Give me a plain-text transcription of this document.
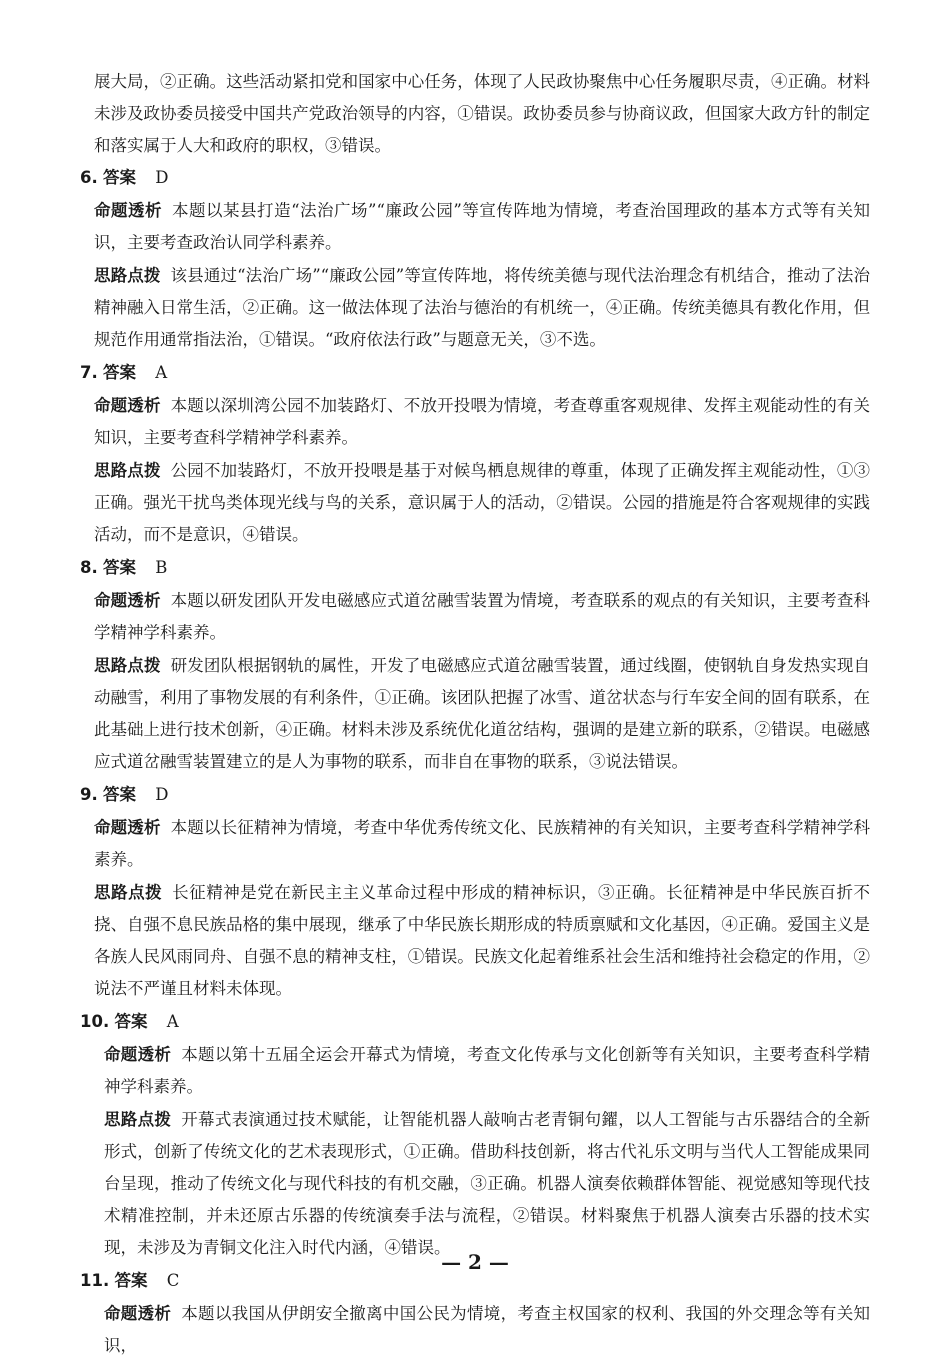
展大局，②正确。这些活动紧扣党和国家中心任务，体现了人民政协聚焦中心任务履职尽责，④正确。材料未涉及政协委员接受中国共产党政治领导的内容，①错误。政协委员参与协商议政，但国家大政方针的制定和落实属于人大和政府的职权，③错误。

6. 答案 D

命题透析 本题以某县打造“法治广场”“廉政公园”等宣传阵地为情境，考查治国理政的基本方式等有关知识，主要考查政治认同学科素养。

思路点拨 该县通过“法治广场”“廉政公园”等宣传阵地，将传统美德与现代法治理念有机结合，推动了法治精神融入日常生活，②正确。这一做法体现了法治与德治的有机统一，④正确。传统美德具有教化作用，但规范作用通常指法治，①错误。“政府依法行政”与题意无关，③不选。

7. 答案 A

命题透析 本题以深圳湾公园不加装路灯、不放开投喂为情境，考查尊重客观规律、发挥主观能动性的有关知识，主要考查科学精神学科素养。

思路点拨 公园不加装路灯，不放开投喂是基于对候鸟栖息规律的尊重，体现了正确发挥主观能动性，①③正确。强光干扰鸟类体现光线与鸟的关系，意识属于人的活动，②错误。公园的措施是符合客观规律的实践活动，而不是意识，④错误。

8. 答案 B

命题透析 本题以研发团队开发电磁感应式道岔融雪装置为情境，考查联系的观点的有关知识，主要考查科学精神学科素养。

思路点拨 研发团队根据钢轨的属性，开发了电磁感应式道岔融雪装置，通过线圈，使钢轨自身发热实现自动融雪，利用了事物发展的有利条件，①正确。该团队把握了冰雪、道岔状态与行车安全间的固有联系，在此基础上进行技术创新，④正确。材料未涉及系统优化道岔结构，强调的是建立新的联系，②错误。电磁感应式道岔融雪装置建立的是人为事物的联系，而非自在事物的联系，③说法错误。

9. 答案 D

命题透析 本题以长征精神为情境，考查中华优秀传统文化、民族精神的有关知识，主要考查科学精神学科素养。

思路点拨 长征精神是党在新民主主义革命过程中形成的精神标识，③正确。长征精神是中华民族百折不挠、自强不息民族品格的集中展现，继承了中华民族长期形成的特质禀赋和文化基因，④正确。爱国主义是各族人民风雨同舟、自强不息的精神支柱，①错误。民族文化起着维系社会生活和维持社会稳定的作用，②说法不严谨且材料未体现。

10. 答案 A

命题透析 本题以第十五届全运会开幕式为情境，考查文化传承与文化创新等有关知识，主要考查科学精神学科素养。

思路点拨 开幕式表演通过技术赋能，让智能机器人敲响古老青铜句鑃，以人工智能与古乐器结合的全新形式，创新了传统文化的艺术表现形式，①正确。借助科技创新，将古代礼乐文明与当代人工智能成果同台呈现，推动了传统文化与现代科技的有机交融，③正确。机器人演奏依赖群体智能、视觉感知等现代技术精准控制，并未还原古乐器的传统演奏手法与流程，②错误。材料聚焦于机器人演奏古乐器的技术实现，未涉及为青铜文化注入时代内涵，④错误。

11. 答案 C

命题透析 本题以我国从伊朗安全撤离中国公民为情境，考查主权国家的权利、我国的外交理念等有关知识，

— 2 —
